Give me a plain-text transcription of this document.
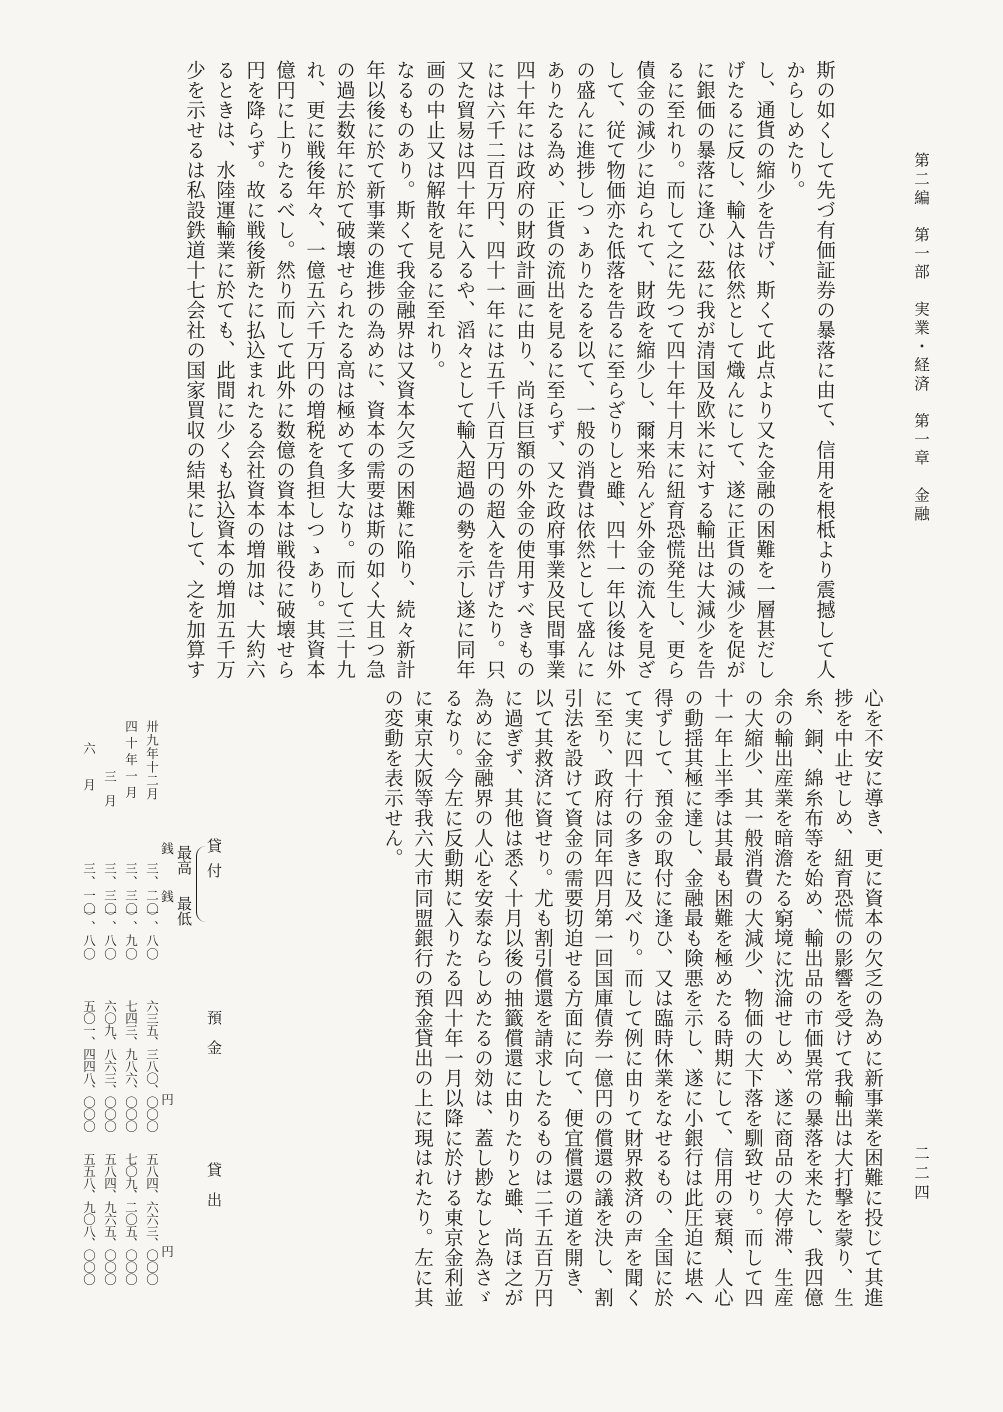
第二編　第一部　実業・経済　第一章　金融

二二四

少を示せるは私設鉄道十七会社の国家買収の結果にして、之を加算す るときは、水陸運輸業に於ても、此間に少くも払込資本の増加五千万 円を降らず。故に戦後新たに払込まれたる会社資本の増加は、大約六 億円に上りたるべし。然り而して此外に数億の資本は戦役に破壊せら れ、更に戦後年々、一億五六千万円の増税を負担しつゝあり。其資本 の過去数年に於て破壊せられたる高は極めて多大なり。而して三十九 年以後に於て新事業の進捗の為めに、資本の需要は斯の如く大且つ急 なるものあり。斯くて我金融界は又資本欠乏の困難に陥り、続々新計 画の中止又は解散を見るに至れり。 又た貿易は四十年に入るや、滔々として輸入超過の勢を示し遂に同年 には六千二百万円、四十一年には五千八百万円の超入を告げたり。只 四十年には政府の財政計画に由り、尚ほ巨額の外金の使用すべきもの ありたる為め、正貨の流出を見るに至らず、又た政府事業及民間事業 の盛んに進捗しつゝありたるを以て、一般の消費は依然として盛んに して、従て物価亦た低落を告るに至らざりしと雖、四十一年以後は外 債金の減少に迫られて、財政を縮少し、爾来殆んど外金の流入を見ざ るに至れり。而して之に先つて四十年十月末に紐育恐慌発生し、更ら に銀価の暴落に逢ひ、茲に我が清国及欧米に対する輸出は大減少を告 げたるに反し、輸入は依然として熾んにして、遂に正貨の減少を促が し、通貨の縮少を告げ、斯くて此点より又た金融の困難を一層甚だし からしめたり。 斯の如くして先づ有価証券の暴落に由て、信用を根柢より震撼して人

心を不安に導き、更に資本の欠乏の為めに新事業を困難に投じて其進

捗を中止せしめ、紐育恐慌の影響を受けて我輸出は大打撃を蒙り、生

糸、銅、綿糸布等を始め、輸出品の市価異常の暴落を来たし、我四億

余の輸出産業を暗澹たる窮境に沈淪せしめ、遂に商品の大停滞、生産

の大縮少、其一般消費の大減少、物価の大下落を馴致せり。而して四

十一年上半季は其最も困難を極めたる時期にして、信用の衰頽、人心

の動揺其極に達し、金融最も険悪を示し、遂に小銀行は此圧迫に堪へ

得ずして、預金の取付に逢ひ、又は臨時休業をなせるもの、全国に於

て実に四十行の多きに及べり。而して例に由りて財界救済の声を聞く

に至り、政府は同年四月第一回国庫債券一億円の償還の議を決し、割

引法を設けて資金の需要切迫せる方面に向て、便宜償還の道を開き、

以て其救済に資せり。尤も割引償還を請求したるものは二千五百万円

に過ぎず、其他は悉く十月以後の抽籤償還に由りたりと雖、尚ほ之が

為めに金融界の人心を安泰ならしめたるの効は、蓋し尠なしと為さゞ

るなり。今左に反動期に入りたる四十年一月以降に於ける東京金利並

に東京大阪等我六大市同盟銀行の預金貸出の上に現はれたり。左に其

の変動を表示せん。

貸付

最高

最低

預金

貸出

銭

銭

円

円

卅九年十二月

三、二〇

一、八〇

六三五、三八〇、〇〇〇

五八四、六六三、〇〇〇

四十年一月

三、三〇

一、九〇

七四三、九八六、〇〇〇

七〇九、二〇五、〇〇〇

三月

三、三〇

一、八〇

六〇九、八六三、〇〇〇

五八四、九六五、〇〇〇

六月

三、一〇

一、八〇

五〇一、四四八、〇〇〇

五五八、九〇八、〇〇〇
